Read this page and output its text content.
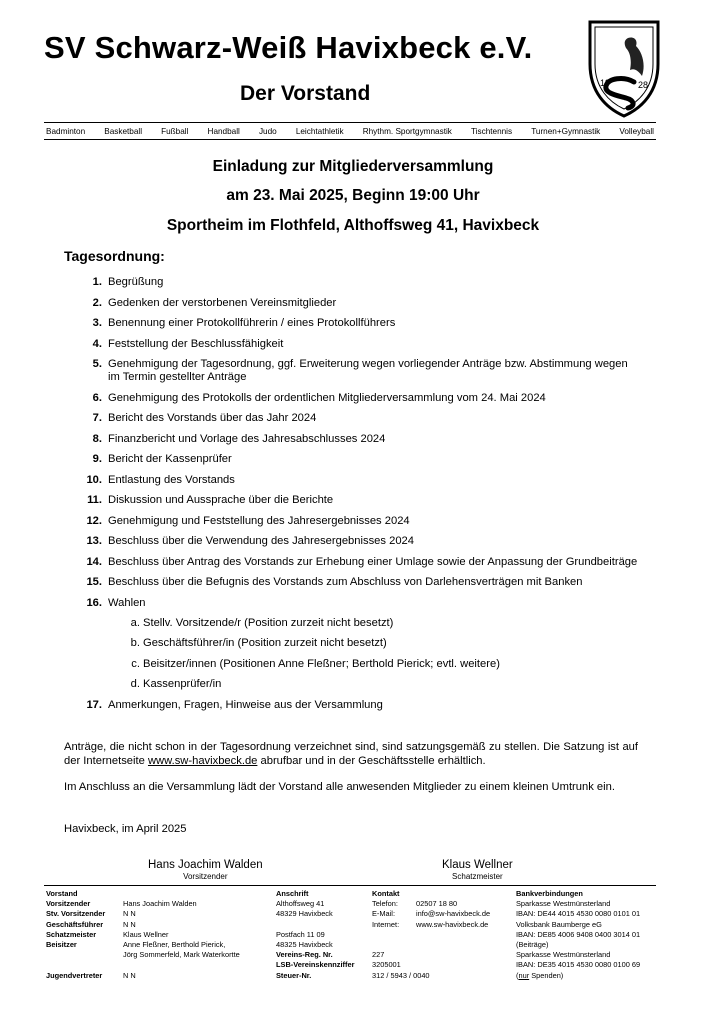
SV Schwarz-Weiß Havixbeck e.V.
Der Vorstand	19	28
Badminton Basketball Fußball Handball Judo Leichtathletik Rhythm. Sportgymnastik Tischtennis Turnen+Gymnastik Volleyball
Einladung zur Mitgliederversammlung
am 23. Mai 2025, Beginn 19:00 Uhr
Sportheim im Flothfeld, Althoffsweg 41, Havixbeck
Tagesordnung:
1 . Begrüßung
2 . Gedenken der verstorbenen Vereinsmitglieder
3 . Benennung einer Protokollführerin / eines Protokollführers
4 . Feststellung der Beschlussfähigkeit
5 . Genehmigung der Tagesordnung, ggf. Erweiterung wegen vorliegender Anträge bzw. Abstimmung wegen im Termin gestellter Anträge
6 . Genehmigung des Protokolls der ordentlichen Mitgliederversammlung vom 24. Mai 2024
7 . Bericht des Vorstands über das Jahr 2024
8 . Finanzbericht und Vorlage des Jahresabschlusses 2024
9 . Bericht der Kassenprüfer
10 . Entlastung des Vorstands
11 . Diskussion und Aussprache über die Berichte
12 . Genehmigung und Feststellung des Jahresergebnisses 2024
13 . Beschluss über die Verwendung des Jahresergebnisses 2024
14 . Beschluss über Antrag des Vorstands zur Erhebung einer Umlage sowie der Anpassung der Grundbeiträge
15 . Beschluss über die Befugnis des Vorstands zum Abschluss von Darlehensverträgen mit Banken
16 . Wahlen
a . Stellv. Vorsitzende/r (Position zurzeit nicht besetzt)
b . Geschäftsführer/in (Position zurzeit nicht besetzt)
c . Beisitzer/innen (Positionen Anne Fleßner; Berthold Pierick; evtl. weitere)
d . Kassenprüfer/in
17 . Anmerkungen, Fragen, Hinweise aus der Versammlung

Anträge, die nicht schon in der Tagesordnung verzeichnet sind, sind satzungsgemäß zu stellen. Die Satzung ist auf der Internetseite www.sw-havixbeck.de abrufbar und in der Geschäftsstelle erhältlich.

Im Anschluss an die Versammlung lädt der Vorstand alle anwesenden Mitglieder zu einem kleinen Umtrunk ein.

Havixbeck, im April 2025
Hans Joachim Walden
Vorsitzender
Klaus Wellner
Schatzmeister
Vorstand
Vorsitzender
Stv. Vorsitzender
Geschäftsführer
Schatzmeister
Beisitzer
Jugendvertreter
Hans Joachim Walden
N N
N N
Klaus Wellner
Anne Fleßner, Berthold Pierick,
Jörg Sommerfeld, Mark Waterkortte
N N
Anschrift
Althoffsweg 41
48329 Havixbeck
Postfach 11 09
48325 Havixbeck
Vereins-Reg. Nr.
LSB-Vereinskennziffer
Steuer-Nr.
Kontakt
Telefon:
E-Mail:
Internet:
227
3205001
312 / 5943 / 0040
02507 18 80
info@sw-havixbeck.de
www.sw-havixbeck.de
Bankverbindungen
Sparkasse Westmünsterland
IBAN: DE44 4015 4530 0080 0101 01
Volksbank Baumberge eG
IBAN: DE85 4006 9408 0400 3014 01
(Beiträge)
Sparkasse Westmünsterland
IBAN: DE35 4015 4530 0080 0100 69
(nur Spenden)
